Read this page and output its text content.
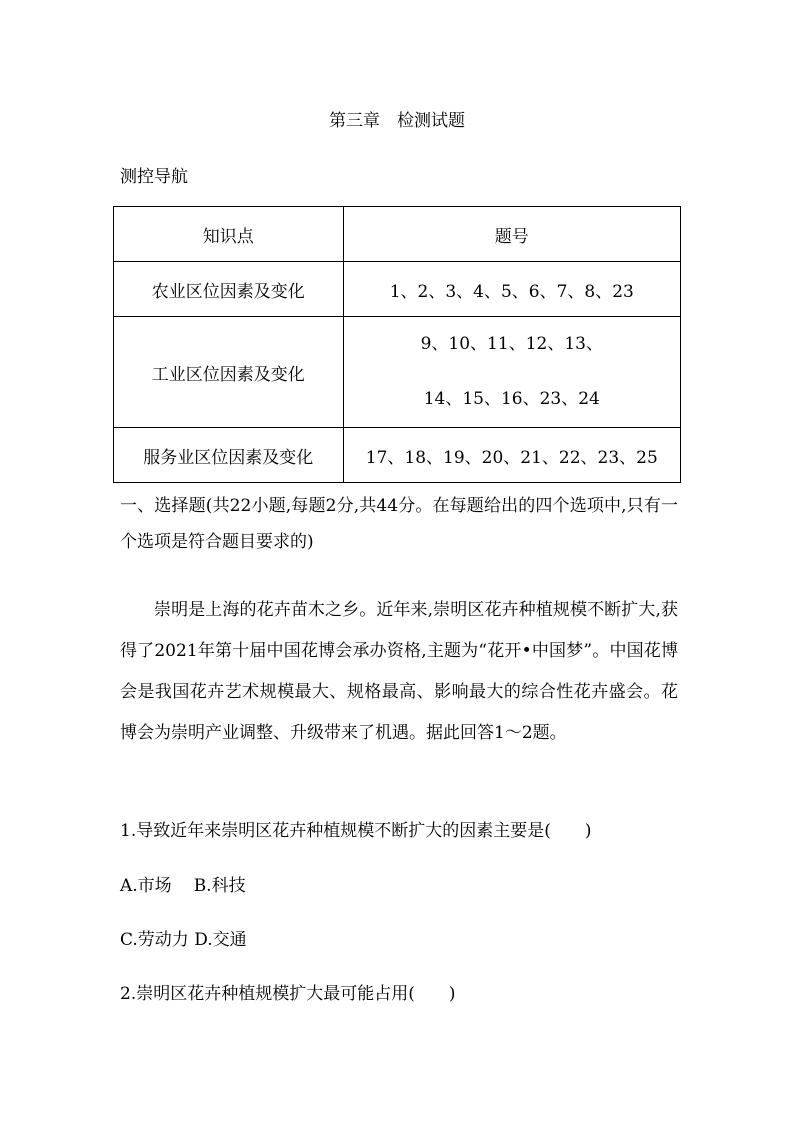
第三章　检测试题
测控导航
知识点	题号
农业区位因素及变化	1、2、3、4、5、6、7、8、23
工业区位因素及变化	9、10、11、12、13、
14、15、16、23、24

服务业区位因素及变化	17、18、19、20、21、22、23、25
一、选择题(共22小题,每题2分,共44分。在每题给出的四个选项中,只有一个选项是符合题目要求的)
崇明是上海的花卉苗木之乡。近年来,崇明区花卉种植规模不断扩大,获得了2021年第十届中国花博会承办资格,主题为“花开•中国梦”。中国花博会是我国花卉艺术规模最大、规格最高、影响最大的综合性花卉盛会。花博会为崇明产业调整、升级带来了机遇。据此回答1～2题。
1.导致近年来崇明区花卉种植规模不断扩大的因素主要是(　　)
A.市场 B.科技
C.劳动力 D.交通
2.崇明区花卉种植规模扩大最可能占用(　　)
